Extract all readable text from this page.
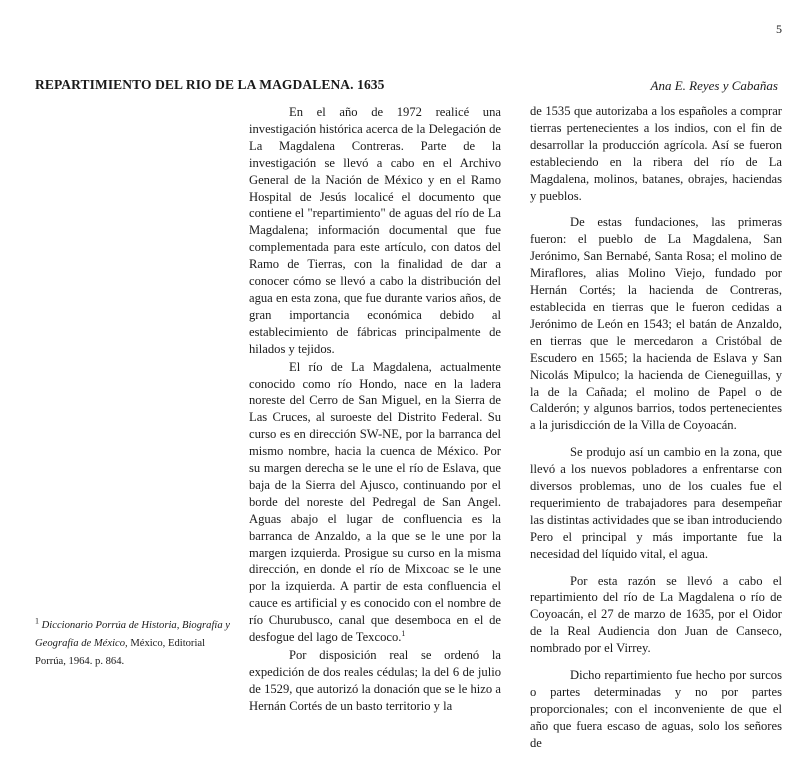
5
REPARTIMIENTO DEL RIO DE LA MAGDALENA. 1635	Ana E. Reyes y Cabañas

En el año de 1972 realicé una investigación histórica acerca de la Delegación de La Magdalena Contreras. Parte de la investigación se llevó a cabo en el Archivo General de la Nación de México y en el Ramo Hospital de Jesús localicé el documento que contiene el "repartimiento" de aguas del río de La Magdalena; información documental que fue complementada para este artículo, con datos del Ramo de Tierras, con la finalidad de dar a conocer cómo se llevó a cabo la distribución del agua en esta zona, que fue durante varios años, de gran importancia económica debido al establecimiento de fábricas principalmente de hilados y tejidos.

El río de La Magdalena, actualmente conocido como río Hondo, nace en la ladera noreste del Cerro de San Miguel, en la Sierra de Las Cruces, al suroeste del Distrito Federal. Su curso es en dirección SW-NE, por la barranca del mismo nombre, hacia la cuenca de México. Por su margen derecha se le une el río de Eslava, que baja de la Sierra del Ajusco, continuando por el borde del noreste del Pedregal de San Angel. Aguas abajo el lugar de confluencia es la barranca de Anzaldo, a la que se le une por la margen izquierda. Prosigue su curso en la misma dirección, en donde el río de Mixcoac se le une por la izquierda. A partir de esta confluencia el cauce es artificial y es conocido con el nombre de río Churubusco, canal que desemboca en el de desfogue del lago de Texcoco.$^1$

Por disposición real se ordenó la expedición de dos reales cédulas; la del 6 de julio de 1529, que autorizó la donación que se le hizo a Hernán Cortés de un basto territorio y la

de 1535 que autorizaba a los españoles a comprar tierras pertenecientes a los indios, con el fin de desarrollar la producción agrícola. Así se fueron estableciendo en la ribera del río de La Magdalena, molinos, batanes, obrajes, haciendas y pueblos.

De estas fundaciones, las primeras fueron: el pueblo de La Magdalena, San Jerónimo, San Bernabé, Santa Rosa; el molino de Miraflores, alias Molino Viejo, fundado por Hernán Cortés; la hacienda de Contreras, establecida en tierras que le fueron cedidas a Jerónimo de León en 1543; el batán de Anzaldo, en tierras que le mercedaron a Cristóbal de Escudero en 1565; la hacienda de Eslava y San Nicolás Mipulco; la hacienda de Cieneguillas, y la de la Cañada; el molino de Papel o de Calderón; y algunos barrios, todos pertenecientes a la jurisdicción de la Villa de Coyoacán.

Se produjo así un cambio en la zona, que llevó a los nuevos pobladores a enfrentarse con diversos problemas, uno de los cuales fue el requerimiento de trabajadores para desempeñar las distintas actividades que se iban introduciendo Pero el principal y más importante fue la necesidad del líquido vital, el agua.

Por esta razón se llevó a cabo el repartimiento del río de La Magdalena o río de Coyoacán, el 27 de marzo de 1635, por el Oidor de la Real Audiencia don Juan de Canseco, nombrado por el Virrey.

Dicho repartimiento fue hecho por surcos o partes determinadas y no por partes proporcionales; con el inconveniente de que el año que fuera escaso de aguas, solo los señores de

$^1$ Diccionario Porrúa de Historia, Biografía y Geografía de México, México, Editorial Porrúa, 1964. p. 864.
